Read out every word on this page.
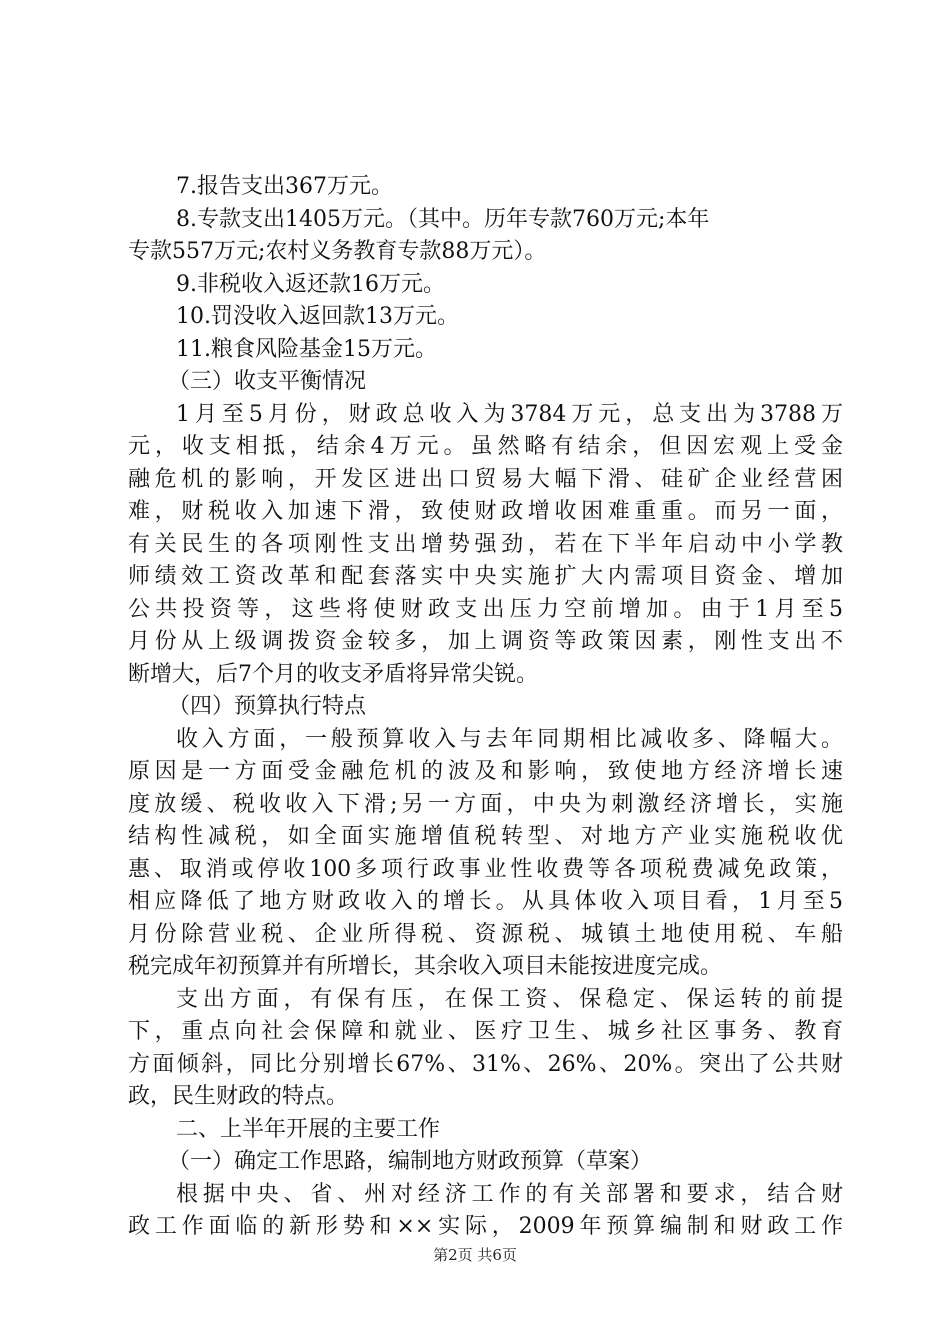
7.报告支出367万元。
8.专款支出1405万元。（其中。历年专款760万元;本年
专款557万元;农村义务教育专款88万元）。
9.非税收入返还款16万元。
10.罚没收入返回款13万元。
11.粮食风险基金15万元。
（三）收支平衡情况
1月至5月份，财政总收入为3784万元，总支出为3788万
元，收支相抵，结余4万元。虽然略有结余，但因宏观上受金
融危机的影响，开发区进出口贸易大幅下滑、硅矿企业经营困
难，财税收入加速下滑，致使财政增收困难重重。而另一面，
有关民生的各项刚性支出增势强劲，若在下半年启动中小学教
师绩效工资改革和配套落实中央实施扩大内需项目资金、增加
公共投资等，这些将使财政支出压力空前增加。由于1月至5
月份从上级调拨资金较多，加上调资等政策因素，刚性支出不
断增大，后7个月的收支矛盾将异常尖锐。
（四）预算执行特点
收入方面，一般预算收入与去年同期相比减收多、降幅大。
原因是一方面受金融危机的波及和影响，致使地方经济增长速
度放缓、税收收入下滑;另一方面，中央为刺激经济增长，实施
结构性减税，如全面实施增值税转型、对地方产业实施税收优
惠、取消或停收100多项行政事业性收费等各项税费减免政策，
相应降低了地方财政收入的增长。从具体收入项目看，1月至5
月份除营业税、企业所得税、资源税、城镇土地使用税、车船
税完成年初预算并有所增长，其余收入项目未能按进度完成。
支出方面，有保有压，在保工资、保稳定、保运转的前提
下，重点向社会保障和就业、医疗卫生、城乡社区事务、教育
方面倾斜，同比分别增长67%、31%、26%、20%。突出了公共财
政，民生财政的特点。
二、上半年开展的主要工作
（一）确定工作思路，编制地方财政预算（草案）
根据中央、省、州对经济工作的有关部署和要求，结合财
政工作面临的新形势和××实际，2009年预算编制和财政工作
第2页 共6页
